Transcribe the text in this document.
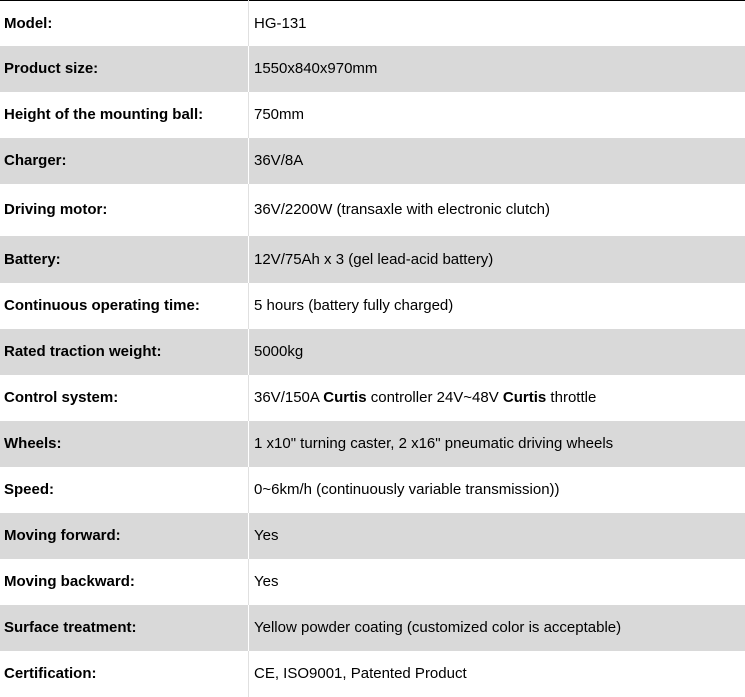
Model:	HG-131
Product size:	1550x840x970mm
Height of the mounting ball:	750mm
Charger:	36V/8A
Driving motor:	36V/2200W (transaxle with electronic clutch)
Battery:	12V/75Ah x 3 (gel lead-acid battery)
Continuous operating time:	5 hours (battery fully charged)
Rated traction weight:	5000kg
Control system:	36V/150A Curtis controller 24V~48V Curtis throttle
Wheels:	1 x10" turning caster, 2 x16" pneumatic driving wheels
Speed:	0~6km/h (continuously variable transmission))
Moving forward:	Yes
Moving backward:	Yes
Surface treatment:	Yellow powder coating (customized color is acceptable)
Certification:	CE, ISO9001, Patented Product
